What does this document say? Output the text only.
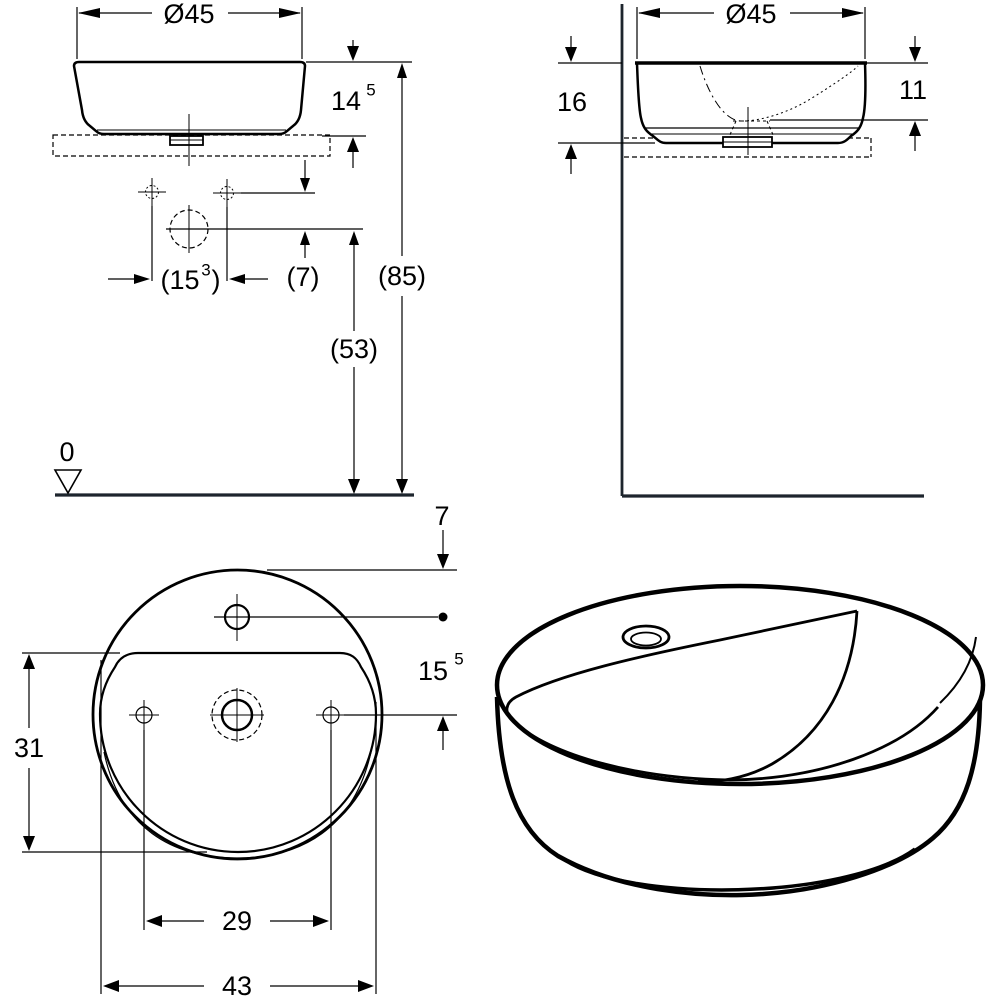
Ø45
14 5
(15 3 ) (7)
(53)
(85)
0
Ø45
16	11
7
15 5
31
29
43
